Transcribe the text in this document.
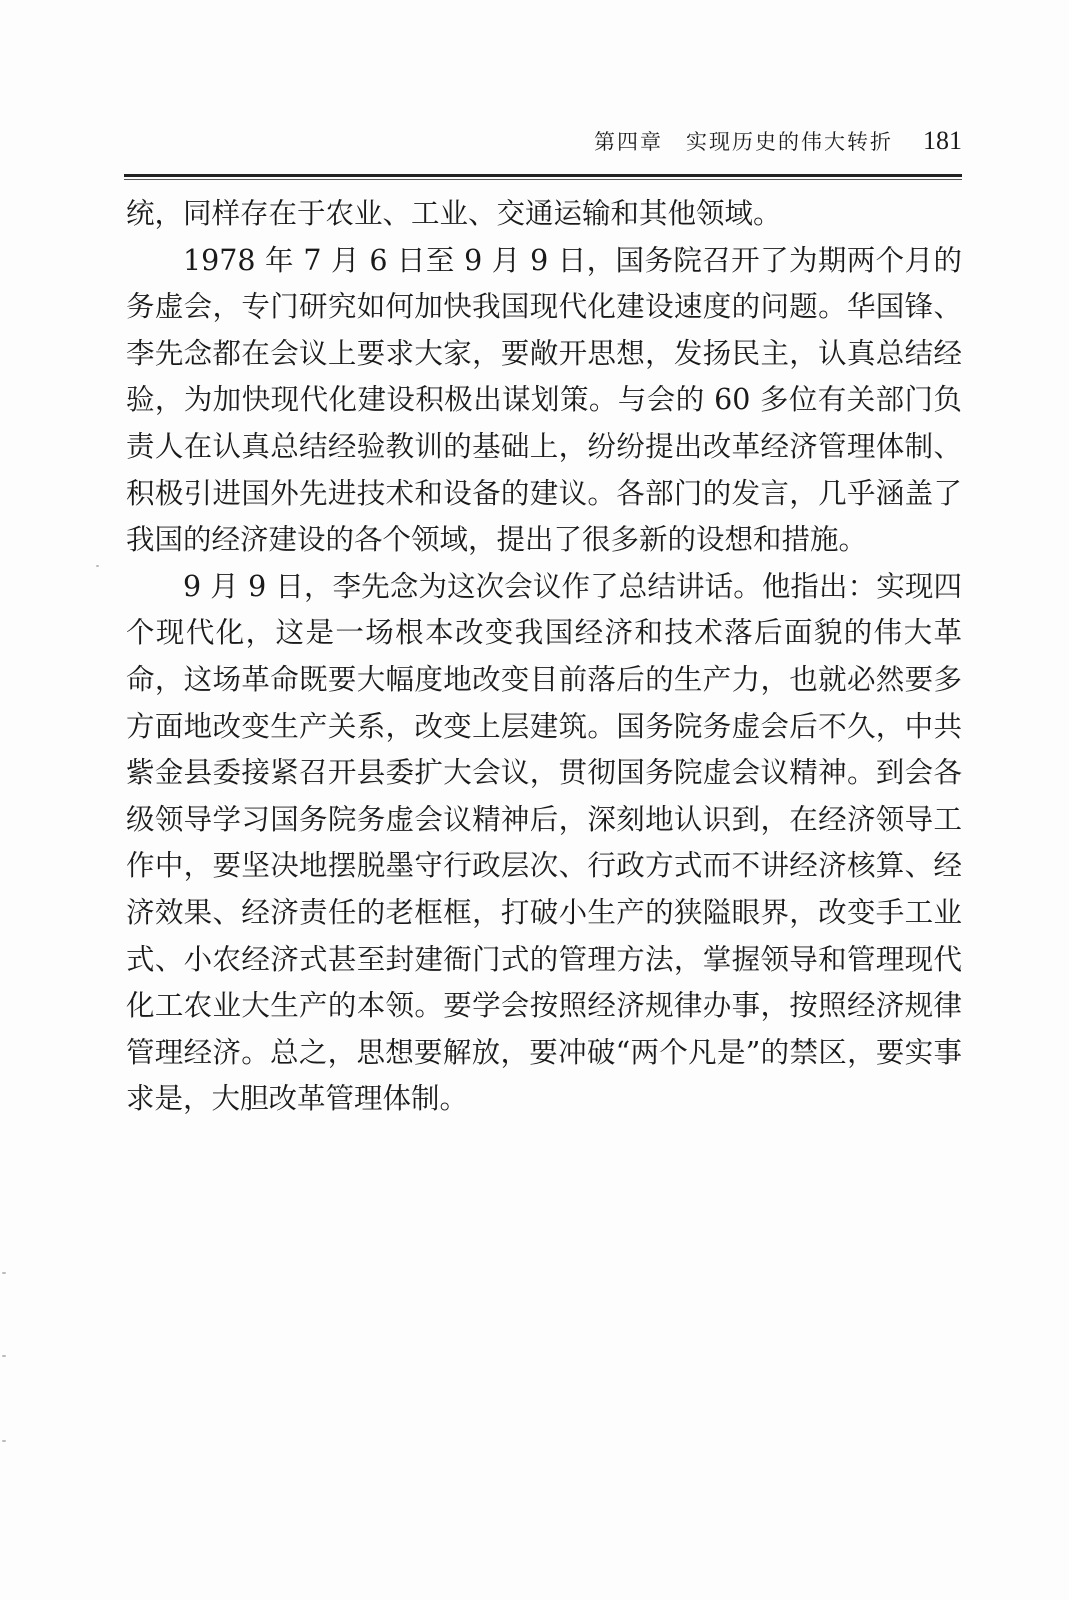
第四章　实现历史的伟大转折 181

统，同样存在于农业、工业、交通运输和其他领域。

1978 年 7 月 6 日至 9 月 9 日，国务院召开了为期两个月的务虚会，专门研究如何加快我国现代化建设速度的问题。华国锋、李先念都在会议上要求大家，要敞开思想，发扬民主，认真总结经验，为加快现代化建设积极出谋划策。与会的 60 多位有关部门负责人在认真总结经验教训的基础上，纷纷提出改革经济管理体制、积极引进国外先进技术和设备的建议。各部门的发言，几乎涵盖了我国的经济建设的各个领域，提出了很多新的设想和措施。

9 月 9 日，李先念为这次会议作了总结讲话。他指出：实现四个现代化，这是一场根本改变我国经济和技术落后面貌的伟大革命，这场革命既要大幅度地改变目前落后的生产力，也就必然要多方面地改变生产关系，改变上层建筑。国务院务虚会后不久，中共紫金县委接紧召开县委扩大会议，贯彻国务院虚会议精神。到会各级领导学习国务院务虚会议精神后，深刻地认识到，在经济领导工作中，要坚决地摆脱墨守行政层次、行政方式而不讲经济核算、经济效果、经济责任的老框框，打破小生产的狭隘眼界，改变手工业式、小农经济式甚至封建衙门式的管理方法，掌握领导和管理现代化工农业大生产的本领。要学会按照经济规律办事，按照经济规律管理经济。总之，思想要解放，要冲破“两个凡是”的禁区，要实事求是，大胆改革管理体制。
